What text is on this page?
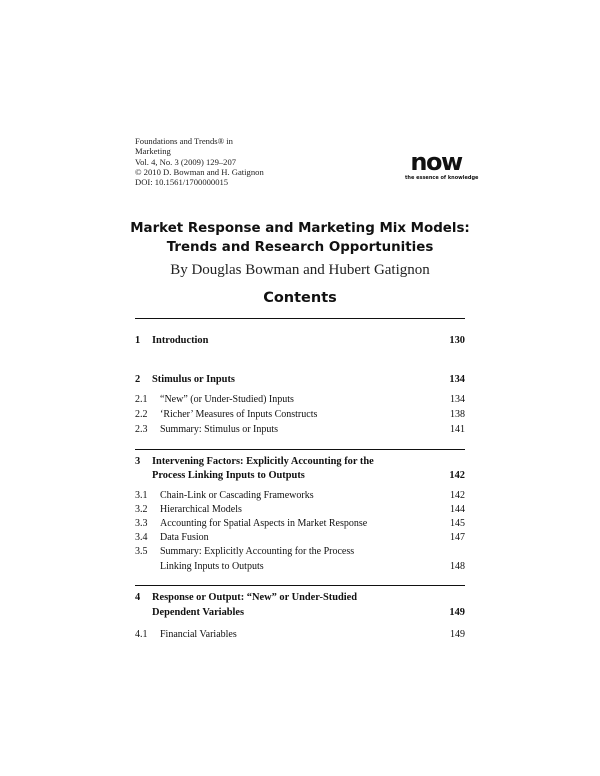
Foundations and Trends® in
Marketing
Vol. 4, No. 3 (2009) 129–207
© 2010 D. Bowman and H. Gatignon
DOI: 10.1561/1700000015
now
the essence of knowledge
Market Response and Marketing Mix Models:
Trends and Research Opportunities
By Douglas Bowman and Hubert Gatignon
Contents
1 Introduction	130
2 Stimulus or Inputs	134
2.1 “New” (or Under-Studied) Inputs	134
2.2 ‘Richer’ Measures of Inputs Constructs	138
2.3 Summary: Stimulus or Inputs	141
3 Intervening Factors: Explicitly Accounting for the
Process Linking Inputs to Outputs	142
3.1 Chain-Link or Cascading Frameworks	142
3.2 Hierarchical Models	144
3.3 Accounting for Spatial Aspects in Market Response	145
3.4 Data Fusion	147
3.5 Summary: Explicitly Accounting for the Process
Linking Inputs to Outputs	148
4 Response or Output: “New” or Under-Studied
Dependent Variables	149
4.1 Financial Variables	149
